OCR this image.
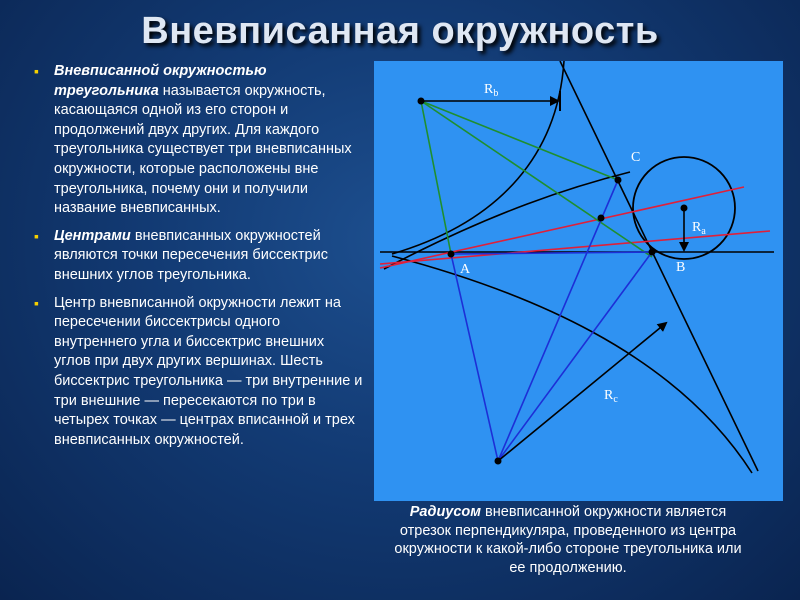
Вневписанная окружность

▪ Вневписанной окружностью треугольника называется окружность, касающаяся одной из его сторон и продолжений двух других. Для каждого треугольника существует три вневписанных окружности, которые расположены вне треугольника, почему они и получили название вневписанных.

▪ Центрами вневписанных окружностей являются точки пересечения биссектрис внешних углов треугольника.

▪ Центр вневписанной окружности лежит на пересечении биссектрисы одного внутреннего угла и биссектрис внешних углов при двух других вершинах. Шесть биссектрис треугольника — три внутренние и три внешние — пересекаются по три в четырех точках — центрах вписанной и трех вневписанных окружностей.

A	B
C
$R_b$
$R_a$
$R_c$
Радиусом вневписанной окружности является отрезок перпендикуляра, проведенного из центра окружности к какой-либо стороне треугольника или ее продолжению.
